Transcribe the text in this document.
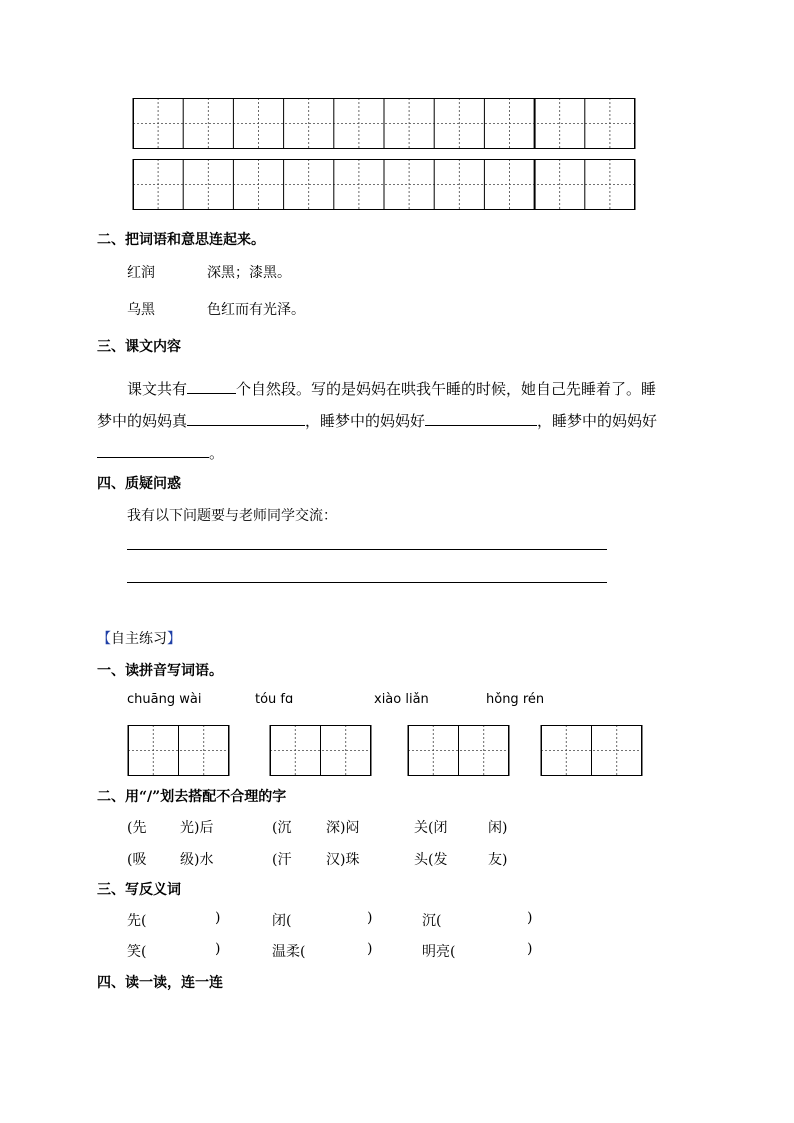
二、把词语和意思连起来。
红润	深黑；漆黑。
乌黑	色红而有光泽。
三、课文内容
课文共有	个自然段。写的是妈妈在哄我午睡的时候，她自己先睡着了。睡
梦中的妈妈真	，睡梦中的妈妈好	，睡梦中的妈妈好
。
四、质疑问惑
我有以下问题要与老师同学交流：
【自主练习】
一、读拼音写词语。
chuāng wài	tóu fɑ	xiào liǎn	hǒng rén
二、用“/”划去搭配不合理的字
(先 光)后	(沉 深)闷	关(闭	闲)
(吸 级)水	(汗 汉)珠	头(发	友)
三、写反义词
先(	)	闭(	)	沉(	)
笑(	)	温柔(	)	明亮(	)
四、读一读，连一连
